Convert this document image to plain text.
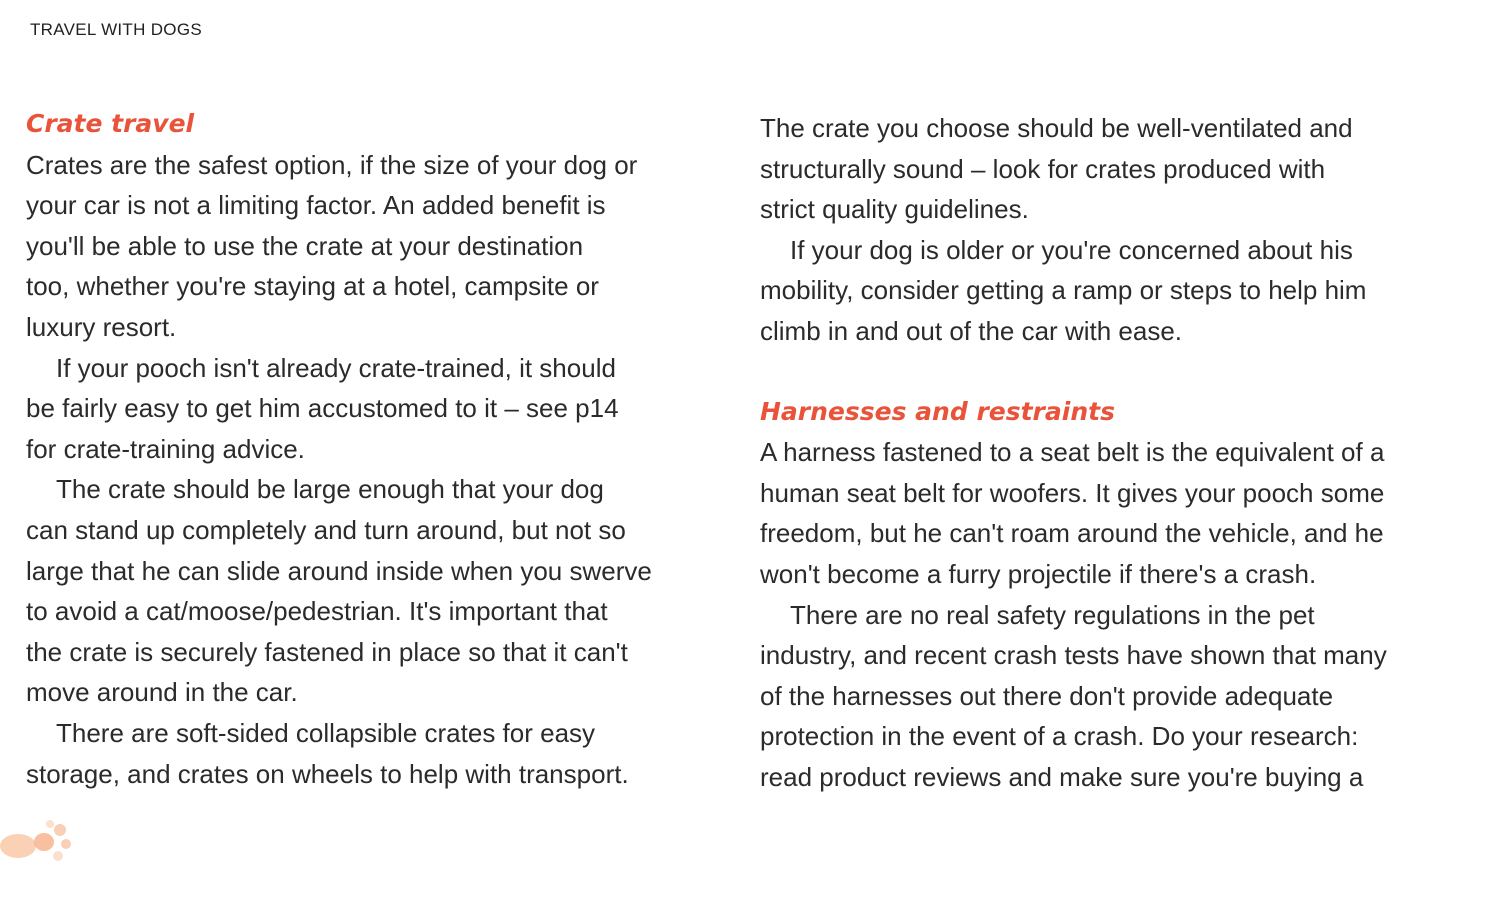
TRAVEL WITH DOGS
Crate travel
Crates are the safest option, if the size of your dog or
your car is not a limiting factor. An added benefit is
you'll be able to use the crate at your destination
too, whether you're staying at a hotel, campsite or
luxury resort.
If your pooch isn't already crate-trained, it should
be fairly easy to get him accustomed to it – see p14
for crate-training advice.
The crate should be large enough that your dog
can stand up completely and turn around, but not so
large that he can slide around inside when you swerve
to avoid a cat/moose/pedestrian. It's important that
the crate is securely fastened in place so that it can't
move around in the car.
There are soft-sided collapsible crates for easy
storage, and crates on wheels to help with transport.
The crate you choose should be well-ventilated and
structurally sound – look for crates produced with
strict quality guidelines.
If your dog is older or you're concerned about his
mobility, consider getting a ramp or steps to help him
climb in and out of the car with ease.
Harnesses and restraints
A harness fastened to a seat belt is the equivalent of a
human seat belt for woofers. It gives your pooch some
freedom, but he can't roam around the vehicle, and he
won't become a furry projectile if there's a crash.
There are no real safety regulations in the pet
industry, and recent crash tests have shown that many
of the harnesses out there don't provide adequate
protection in the event of a crash. Do your research:
read product reviews and make sure you're buying a
